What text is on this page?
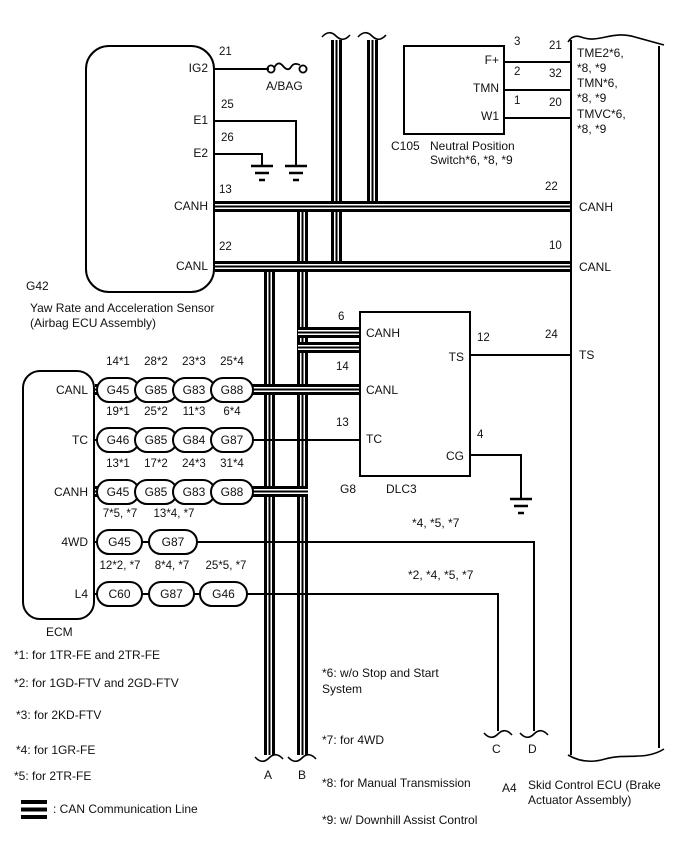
IG2
E1
E2
CANH
CANL
21
25
26
13
22
G42
Yaw Rate and Acceleration Sensor
(Airbag ECU Assembly)
A/BAG
F+
TMN
W1
3
2
1
21
32
20
C105 Neutral Position
Switch*6, *8, *9
TME2*6,
*8, *9
TMN*6,
*8, *9
TMVC*6,
*8, *9
22
CANH
10
CANL
24
TS
A4 Skid Control ECU (Brake
Actuator Assembly)
CANH
CANL
TC
TS
CG
6
14
13
12
4
G8 DLC3
CANL
TC
CANH
4WD
L4
ECM
14*1	28*2	23*3	25*4
G45	G85	G83	G88
19*1	25*2	11*3	6*4
G46	G85	G84	G87
13*1	17*2	24*3	31*4
G45	G85	G83	G88
7*5, *7	13*4, *7
G45	G87
12*2, *7	8*4, *7	25*5, *7
C60	G87	G46
*4, *5, *7
*2, *4, *5, *7
A B
C D
*1: for 1TR-FE and 2TR-FE
*2: for 1GD-FTV and 2GD-FTV
*3: for 2KD-FTV
*4: for 1GR-FE
*5: for 2TR-FE
: CAN Communication Line
*6: w/o Stop and Start
System
*7: for 4WD
*8: for Manual Transmission
*9: w/ Downhill Assist Control
